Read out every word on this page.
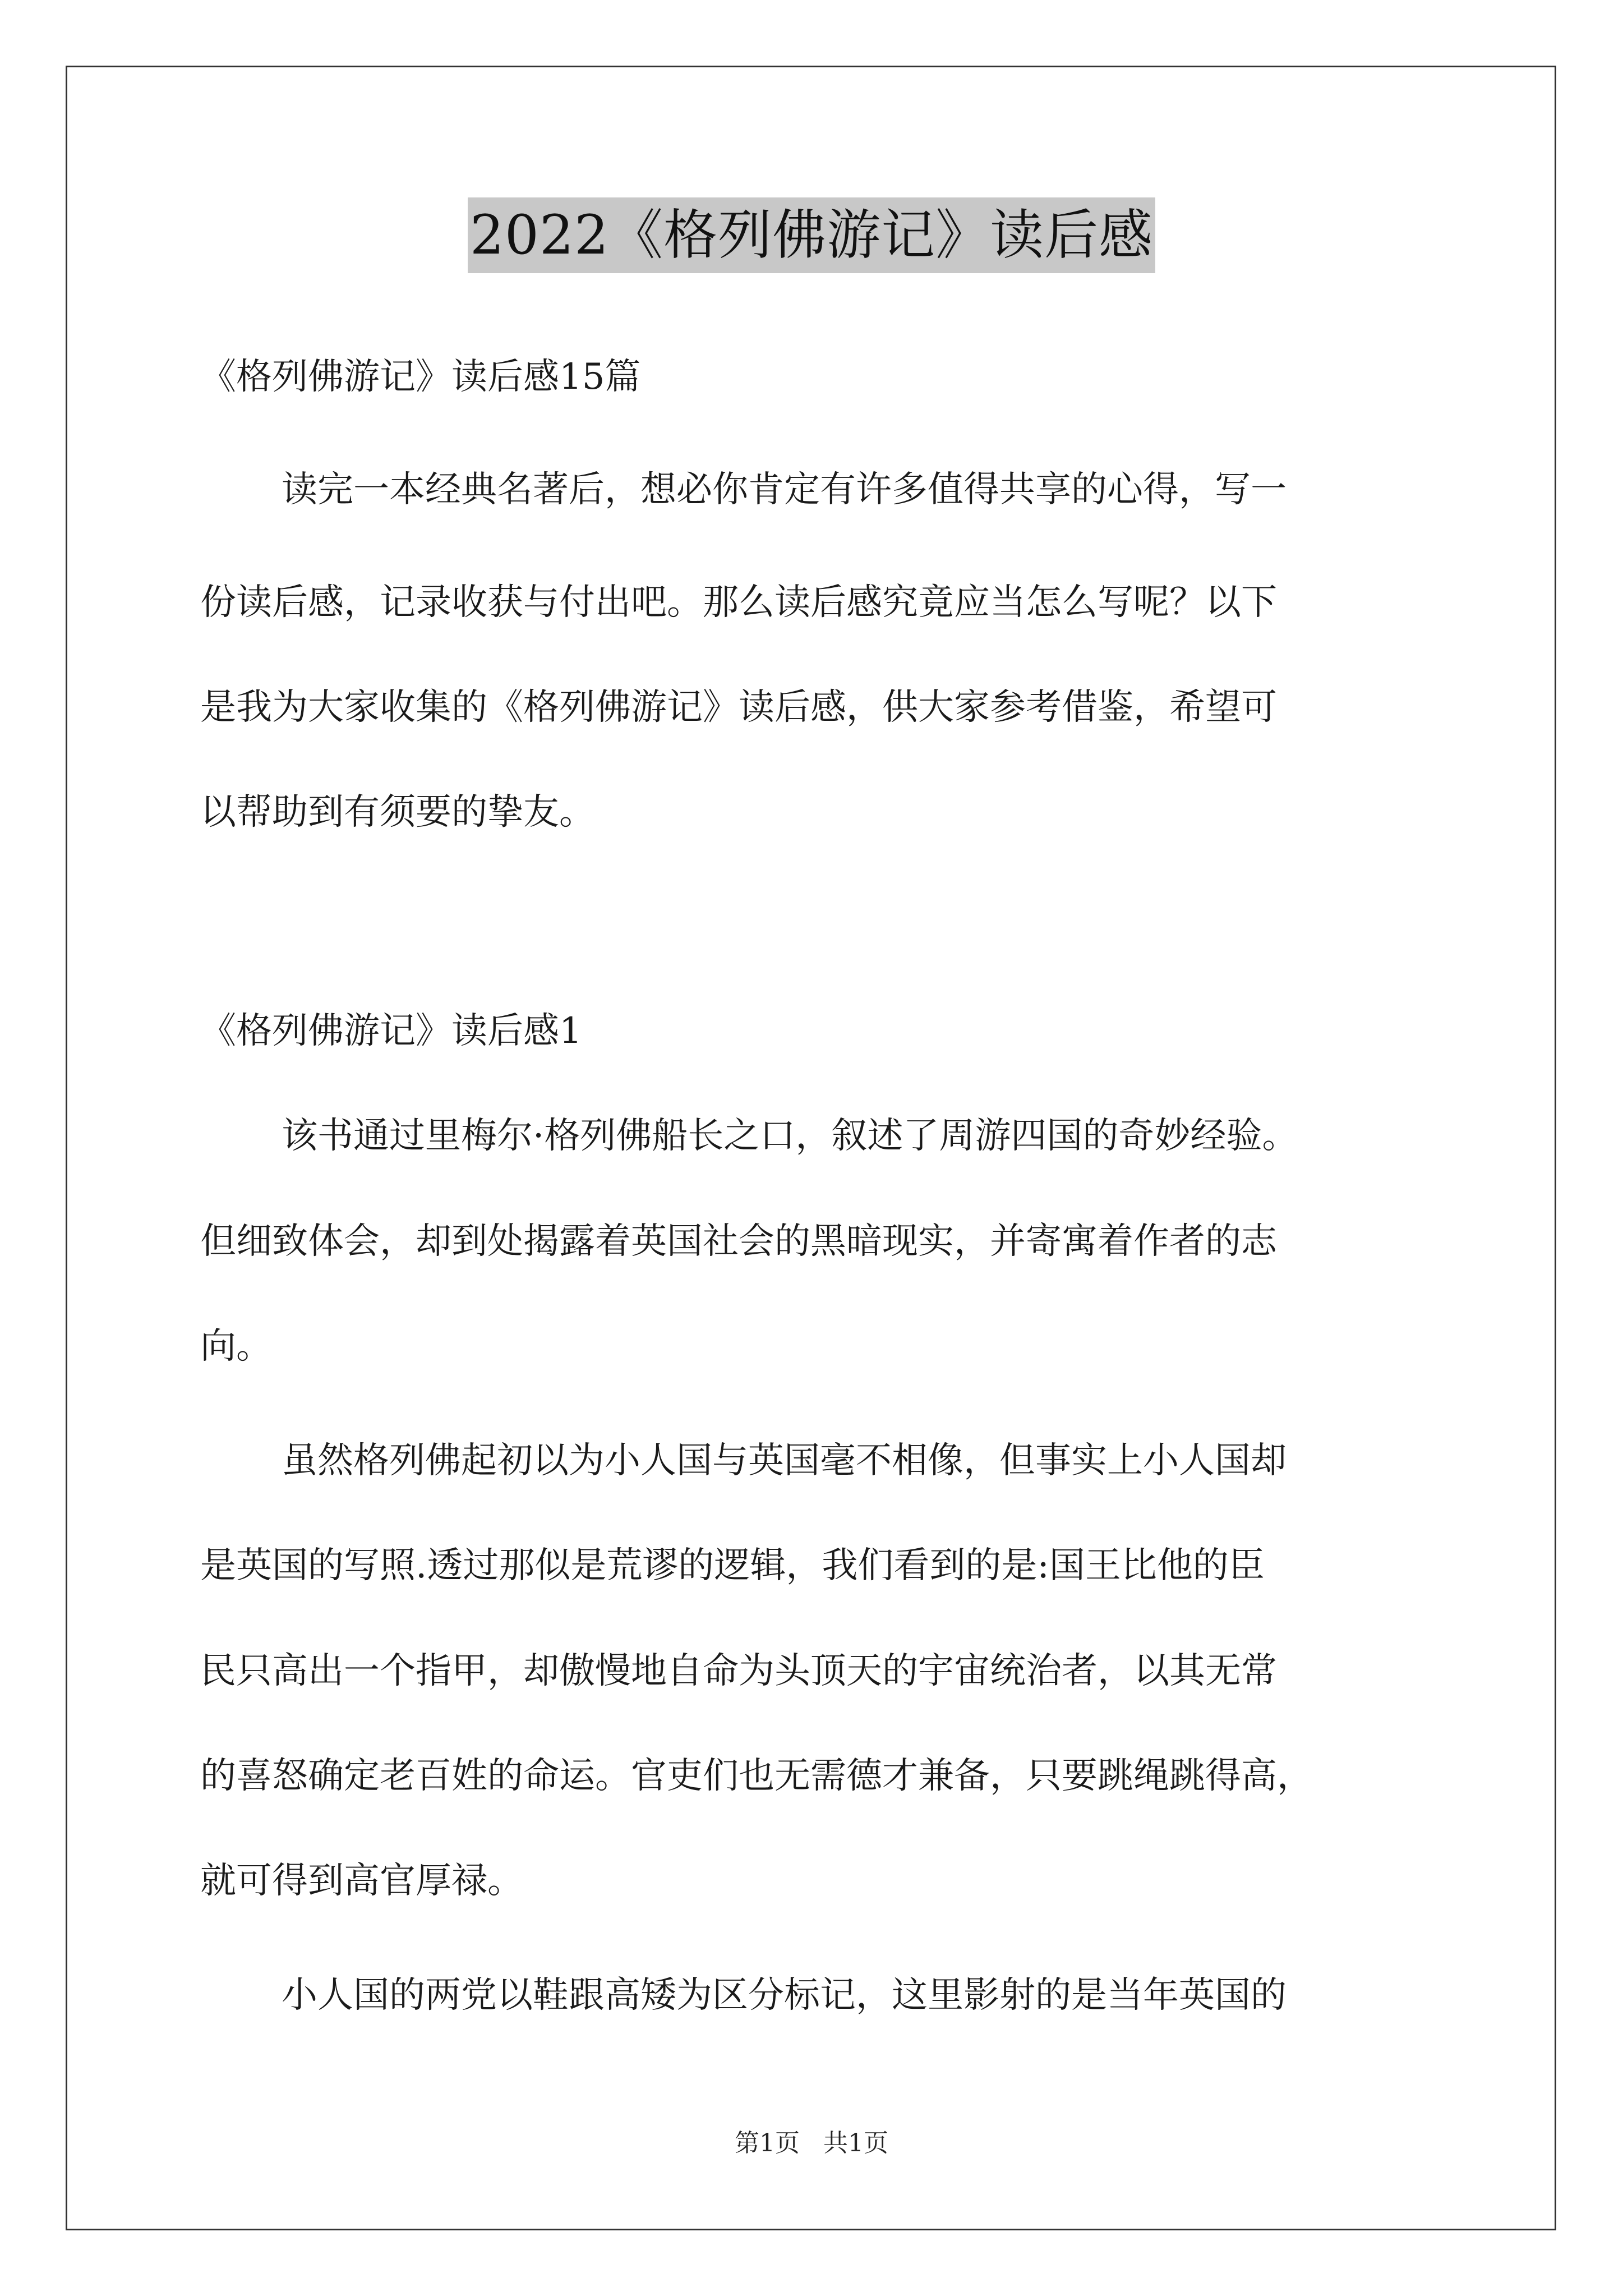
2022《格列佛游记》读后感
《格列佛游记》读后感15篇
读完一本经典名著后，想必你肯定有许多值得共享的心得，写一
份读后感，记录收获与付出吧。那么读后感究竟应当怎么写呢？以下
是我为大家收集的《格列佛游记》读后感，供大家参考借鉴，希望可
以帮助到有须要的挚友。
《格列佛游记》读后感1
该书通过里梅尔·格列佛船长之口，叙述了周游四国的奇妙经验。
但细致体会，却到处揭露着英国社会的黑暗现实，并寄寓着作者的志
向。
虽然格列佛起初以为小人国与英国毫不相像，但事实上小人国却
是英国的写照.透过那似是荒谬的逻辑，我们看到的是:国王比他的臣
民只高出一个指甲，却傲慢地自命为头顶天的宇宙统治者，以其无常
的喜怒确定老百姓的命运。官吏们也无需德才兼备，只要跳绳跳得高，
就可得到高官厚禄。
小人国的两党以鞋跟高矮为区分标记，这里影射的是当年英国的
第1页 共1页
